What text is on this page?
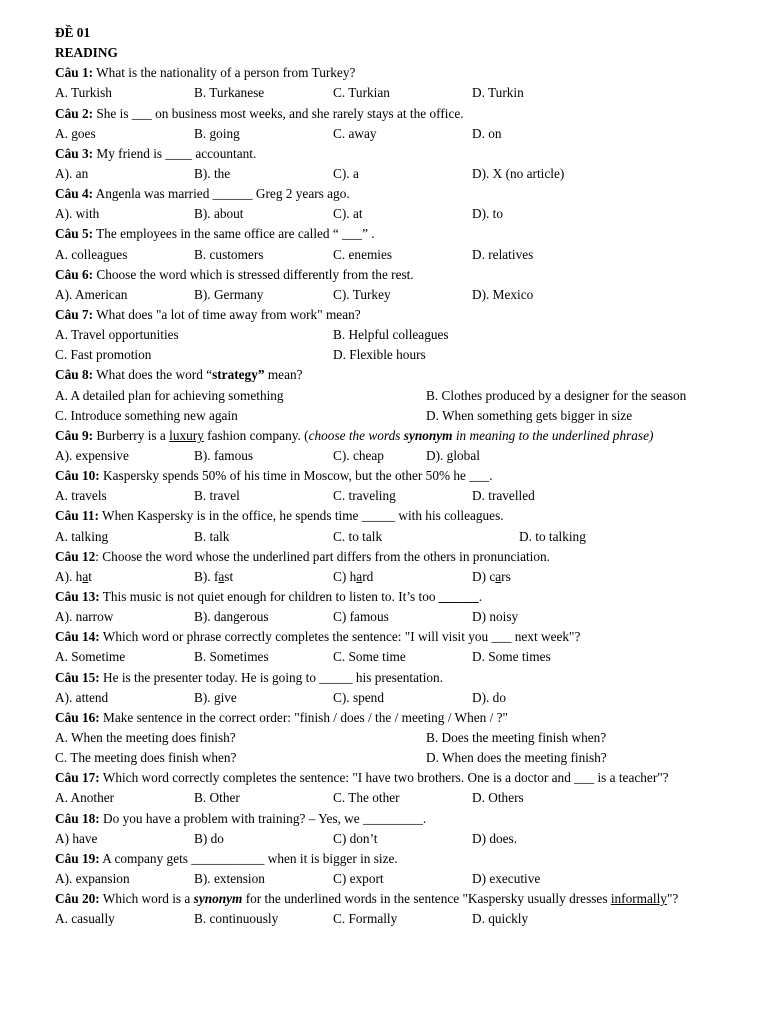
ĐỀ 01
READING
Câu 1: What is the nationality of a person from Turkey?
A. Turkish	B. Turkanese	C. Turkian	D. Turkin
Câu 2: She is ___ on business most weeks, and she rarely stays at the office.
A. goes	B. going	C. away	D. on
Câu 3: My friend is ____ accountant.
A). an	B). the	C). a	D). X (no article)
Câu 4: Angenla was married ______ Greg 2 years ago.
A). with	B). about	C). at	D). to
Câu 5: The employees in the same office are called “ ___” .
A. colleagues	B. customers	C. enemies	D. relatives
Câu 6: Choose the word which is stressed differently from the rest.
A). American	B). Germany	C). Turkey	D). Mexico
Câu 7: What does "a lot of time away from work" mean?
A. Travel opportunities	B. Helpful colleagues
C. Fast promotion	D. Flexible hours
Câu 8: What does the word “strategy” mean?
A. A detailed plan for achieving something	B. Clothes produced by a designer for the season
C. Introduce something new again	D. When something gets bigger in size
Câu 9: Burberry is a luxury fashion company. (choose the words synonym in meaning to the underlined phrase)
A). expensive	B). famous	C). cheap	D). global
Câu 10: Kaspersky spends 50% of his time in Moscow, but the other 50% he ___.
A. travels	B. travel	C. traveling	D. travelled
Câu 11: When Kaspersky is in the office, he spends time _____ with his colleagues.
A. talking	B. talk	C. to talk	D. to talking
Câu 12: Choose the word whose the underlined part differs from the others in pronunciation.
A). hat	B). fast	C) hard	D) cars
Câu 13: This music is not quiet enough for children to listen to. It’s too ______.
A). narrow	B). dangerous	C) famous	D) noisy
Câu 14: Which word or phrase correctly completes the sentence: "I will visit you ___ next week"?
A. Sometime	B. Sometimes	C. Some time	D. Some times
Câu 15: He is the presenter today. He is going to _____ his presentation.
A). attend	B). give	C). spend	D). do
Câu 16: Make sentence in the correct order: "finish / does / the / meeting / When / ?"
A. When the meeting does finish?	B. Does the meeting finish when?
C. The meeting does finish when?	D. When does the meeting finish?
Câu 17: Which word correctly completes the sentence: "I have two brothers. One is a doctor and ___ is a teacher"?
A. Another	B. Other	C. The other	D. Others
Câu 18: Do you have a problem with training? – Yes, we _________.
A) have	B) do	C) don’t	D) does.
Câu 19: A company gets ___________ when it is bigger in size.
A). expansion	B). extension	C) export	D) executive
Câu 20: Which word is a synonym for the underlined words in the sentence "Kaspersky usually dresses informally"?
A. casually	B. continuously	C. Formally	D. quickly
